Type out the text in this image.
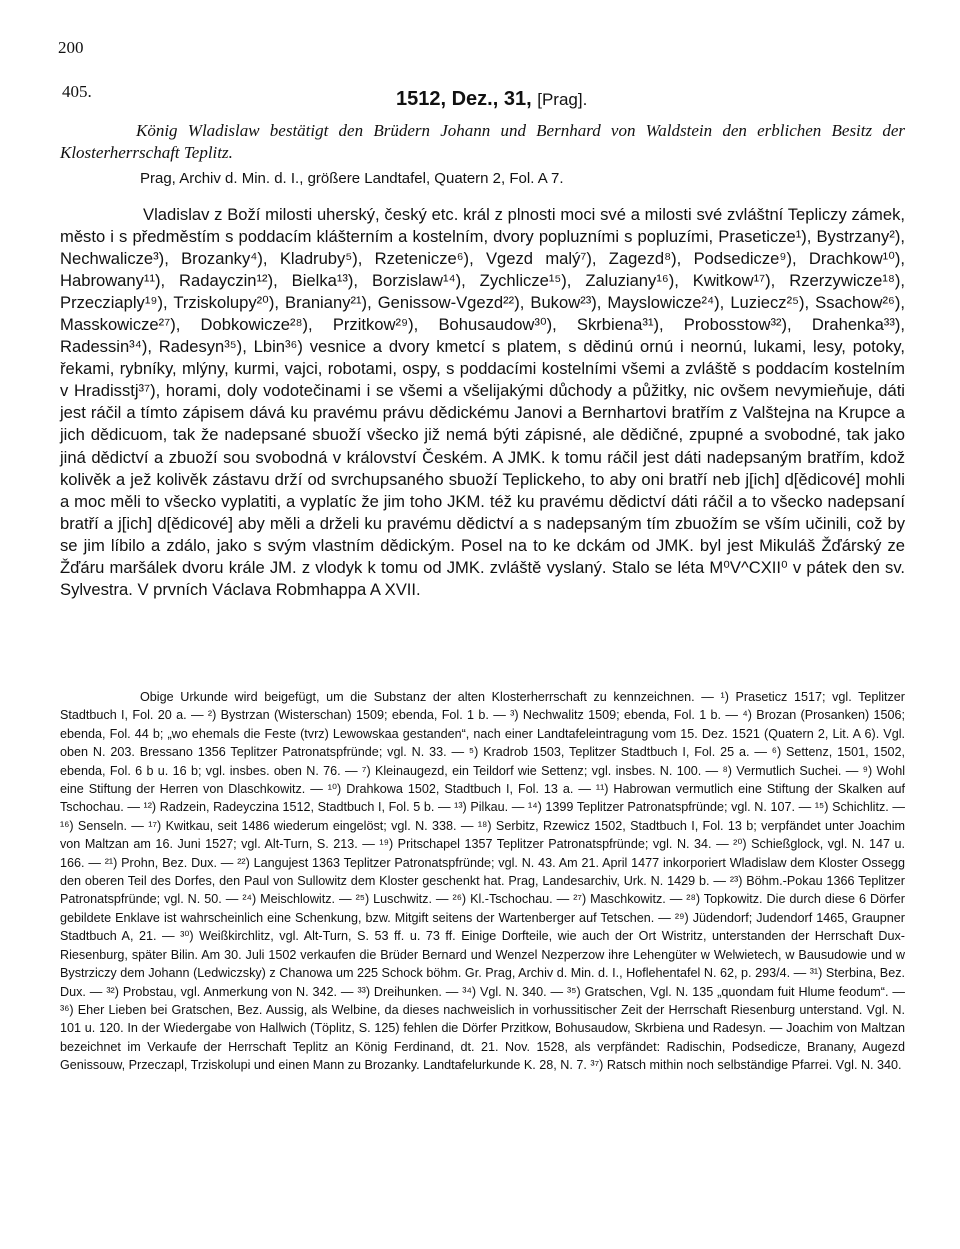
200
405.	1512, Dez., 31, [Prag].
König Wladislaw bestätigt den Brüdern Johann und Bernhard von Waldstein den erblichen Besitz der Klosterherrschaft Teplitz.
Prag, Archiv d. Min. d. I., größere Landtafel, Quatern 2, Fol. A 7.

Vladislav z Boží milosti uherský, český etc. král z plnosti moci své a milosti své zvláštní Tepliczy zámek, město i s předměstím s poddacím klášterním a kostelním, dvory popluzními s popluzími, Praseticze¹), Bystrzany²), Nechwalicze³), Brozanky⁴), Kladruby⁵), Rzetenicze⁶), Vgezd malý⁷), Zagezd⁸), Podsedicze⁹), Drachkow¹⁰), Habrowany¹¹), Radayczin¹²), Bielka¹³), Borzislaw¹⁴), Zychlicze¹⁵), Zaluziany¹⁶), Kwitkow¹⁷), Rzerzywicze¹⁸), Przecziaply¹⁹), Trziskolupy²⁰), Braniany²¹), Genissow-Vgezd²²), Bukow²³), Mayslowicze²⁴), Luziecz²⁵), Ssachow²⁶), Masskowicze²⁷), Dobkowicze²⁸), Przitkow²⁹), Bohusaudow³⁰), Skrbiena³¹), Probosstow³²), Drahenka³³), Radessin³⁴), Radesyn³⁵), Lbin³⁶) vesnice a dvory kmetcí s platem, s dědinú ornú i neornú, lukami, lesy, potoky, řekami, rybníky, mlýny, kurmi, vajci, robotami, ospy, s poddacími kostelními všemi a zvláště s poddacím kostelním v Hradisstj³⁷), horami, doly vodotečinami i se všemi a všelijakými důchody a půžitky, nic ovšem nevymieňuje, dáti jest ráčil a tímto zápisem dává ku pravému právu dědickému Janovi a Bernhartovi bratřím z Valštejna na Krupce a jich dědicuom, tak že nadepsané sbuoží všecko již nemá býti zápisné, ale dědičné, zpupné a svobodné, tak jako jiná dědictví a zbuoží sou svobodná v království Českém. A JMK. k tomu ráčil jest dáti nadepsaným bratřím, kdož kolivěk a jež kolivěk zástavu drží od svrchupsaného sbuoží Teplickeho, to aby oni bratří neb j[ich] d[ědicové] mohli a moc měli to všecko vyplatiti, a vyplatíc že jim toho JKM. též ku pravému dědictví dáti ráčil a to všecko nadepsaní bratří a j[ich] d[ědicové] aby měli a drželi ku pravému dědictví a s nadepsaným tím zbuožím se vším učinili, což by se jim líbilo a zdálo, jako s svým vlastním dědickým. Posel na to ke dckám od JMK. byl jest Mikuláš Žďárský ze Žďáru maršálek dvoru krále JM. z vlodyk k tomu od JMK. zvláště vyslaný. Stalo se léta M⁰V^CXII⁰ v pátek den sv. Sylvestra. V prvních Václava Robmhappa A XVII.

Obige Urkunde wird beigefügt, um die Substanz der alten Klosterherrschaft zu kennzeichnen. — ¹) Praseticz 1517; vgl. Teplitzer Stadtbuch I, Fol. 20 a. — ²) Bystrzan (Wisterschan) 1509; ebenda, Fol. 1 b. — ³) Nechwalitz 1509; ebenda, Fol. 1 b. — ⁴) Brozan (Prosanken) 1506; ebenda, Fol. 44 b; „wo ehemals die Feste (tvrz) Lewowskaa gestanden“, nach einer Landtafeleintragung vom 15. Dez. 1521 (Quatern 2, Lit. A 6). Vgl. oben N. 203. Bressano 1356 Teplitzer Patronatspfründe; vgl. N. 33. — ⁵) Kradrob 1503, Teplitzer Stadtbuch I, Fol. 25 a. — ⁶) Settenz, 1501, 1502, ebenda, Fol. 6 b u. 16 b; vgl. insbes. oben N. 76. — ⁷) Kleinaugezd, ein Teildorf wie Settenz; vgl. insbes. N. 100. — ⁸) Vermutlich Suchei. — ⁹) Wohl eine Stiftung der Herren von Dlaschkowitz. — ¹⁰) Drahkowa 1502, Stadtbuch I, Fol. 13 a. — ¹¹) Habrowan vermutlich eine Stiftung der Skalken auf Tschochau. — ¹²) Radzein, Radeyczina 1512, Stadtbuch I, Fol. 5 b. — ¹³) Pilkau. — ¹⁴) 1399 Teplitzer Patronatspfründe; vgl. N. 107. — ¹⁵) Schichlitz. — ¹⁶) Senseln. — ¹⁷) Kwitkau, seit 1486 wiederum eingelöst; vgl. N. 338. — ¹⁸) Serbitz, Rzewicz 1502, Stadtbuch I, Fol. 13 b; verpfändet unter Joachim von Maltzan am 16. Juni 1527; vgl. Alt-Turn, S. 213. — ¹⁹) Pritschapel 1357 Teplitzer Patronatspfründe; vgl. N. 34. — ²⁰) Schießglock, vgl. N. 147 u. 166. — ²¹) Prohn, Bez. Dux. — ²²) Langujest 1363 Teplitzer Patronatspfründe; vgl. N. 43. Am 21. April 1477 inkorporiert Wladislaw dem Kloster Ossegg den oberen Teil des Dorfes, den Paul von Sullowitz dem Kloster geschenkt hat. Prag, Landesarchiv, Urk. N. 1429 b. — ²³) Böhm.-Pokau 1366 Teplitzer Patronatspfründe; vgl. N. 50. — ²⁴) Meischlowitz. — ²⁵) Luschwitz. — ²⁶) Kl.-Tschochau. — ²⁷) Maschkowitz. — ²⁸) Topkowitz. Die durch diese 6 Dörfer gebildete Enklave ist wahrscheinlich eine Schenkung, bzw. Mitgift seitens der Wartenberger auf Tetschen. — ²⁹) Jüdendorf; Judendorf 1465, Graupner Stadtbuch A, 21. — ³⁰) Weißkirchlitz, vgl. Alt-Turn, S. 53 ff. u. 73 ff. Einige Dorfteile, wie auch der Ort Wistritz, unterstanden der Herrschaft Dux-Riesenburg, später Bilin. Am 30. Juli 1502 verkaufen die Brüder Bernard und Wenzel Nezperzow ihre Lehengüter w Welwietech, w Bausudowie und w Bystrziczy dem Johann (Ledwiczsky) z Chanowa um 225 Schock böhm. Gr. Prag, Archiv d. Min. d. I., Hoflehentafel N. 62, p. 293/4. — ³¹) Sterbina, Bez. Dux. — ³²) Probstau, vgl. Anmerkung von N. 342. — ³³) Dreihunken. — ³⁴) Vgl. N. 340. — ³⁵) Gratschen, Vgl. N. 135 „quondam fuit Hlume feodum“. — ³⁶) Eher Lieben bei Gratschen, Bez. Aussig, als Welbine, da dieses nachweislich in vorhussitischer Zeit der Herrschaft Riesenburg unterstand. Vgl. N. 101 u. 120. In der Wiedergabe von Hallwich (Töplitz, S. 125) fehlen die Dörfer Przitkow, Bohusaudow, Skrbiena und Radesyn. — Joachim von Maltzan bezeichnet im Verkaufe der Herrschaft Teplitz an König Ferdinand, dt. 21. Nov. 1528, als verpfändet: Radischin, Podsedicze, Branany, Augezd Genissouw, Przeczapl, Trziskolupi und einen Mann zu Brozanky. Landtafelurkunde K. 28, N. 7. ³⁷) Ratsch mithin noch selbständige Pfarrei. Vgl. N. 340.
